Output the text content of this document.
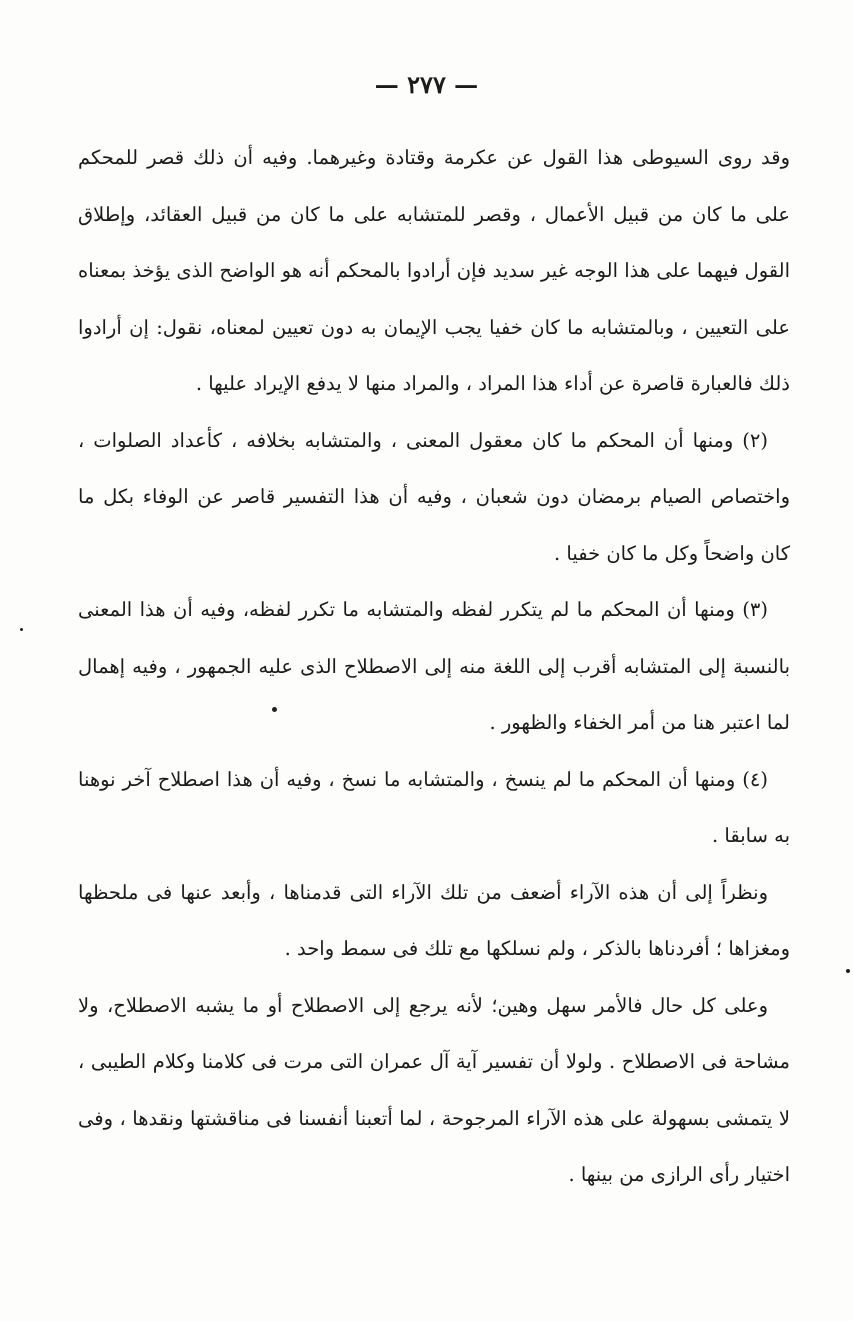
— ٢٧٧ —

وقد روى السيوطى هذا القول عن عكرمة وقتادة وغيرهما. وفيه أن ذلك قصر للمحكم على ما كان من قبيل الأعمال ، وقصر للمتشابه على ما كان من قبيل العقائد، وإطلاق القول فيهما على هذا الوجه غير سديد فإن أرادوا بالمحكم أنه هو الواضح الذى يؤخذ بمعناه على التعيين ، وبالمتشابه ما كان خفيا يجب الإيمان به دون تعيين لمعناه، نقول: إن أرادوا ذلك فالعبارة قاصرة عن أداء هذا المراد ، والمراد منها لا يدفع الإيراد عليها .

(٢) ومنها أن المحكم ما كان معقول المعنى ، والمتشابه بخلافه ، كأعداد الصلوات ، واختصاص الصيام برمضان دون شعبان ، وفيه أن هذا التفسير قاصر عن الوفاء بكل ما كان واضحاً وكل ما كان خفيا .

(٣) ومنها أن المحكم ما لم يتكرر لفظه والمتشابه ما تكرر لفظه، وفيه أن هذا المعنى بالنسبة إلى المتشابه أقرب إلى اللغة منه إلى الاصطلاح الذى عليه الجمهور ، وفيه إهمال لما اعتبر هنا من أمر الخفاء والظهور .

(٤) ومنها أن المحكم ما لم ينسخ ، والمتشابه ما نسخ ، وفيه أن هذا اصطلاح آخر نوهنا به سابقا .

ونظراً إلى أن هذه الآراء أضعف من تلك الآراء التى قدمناها ، وأبعد عنها فى ملحظها ومغزاها ؛ أفردناها بالذكر ، ولم نسلكها مع تلك فى سمط واحد .

وعلى كل حال فالأمر سهل وهين؛ لأنه يرجع إلى الاصطلاح أو ما يشبه الاصطلاح، ولا مشاحة فى الاصطلاح . ولولا أن تفسير آية آل عمران التى مرت فى كلامنا وكلام الطيبى ، لا يتمشى بسهولة على هذه الآراء المرجوحة ، لما أتعبنا أنفسنا فى مناقشتها ونقدها ، وفى اختيار رأى الرازى من بينها .
